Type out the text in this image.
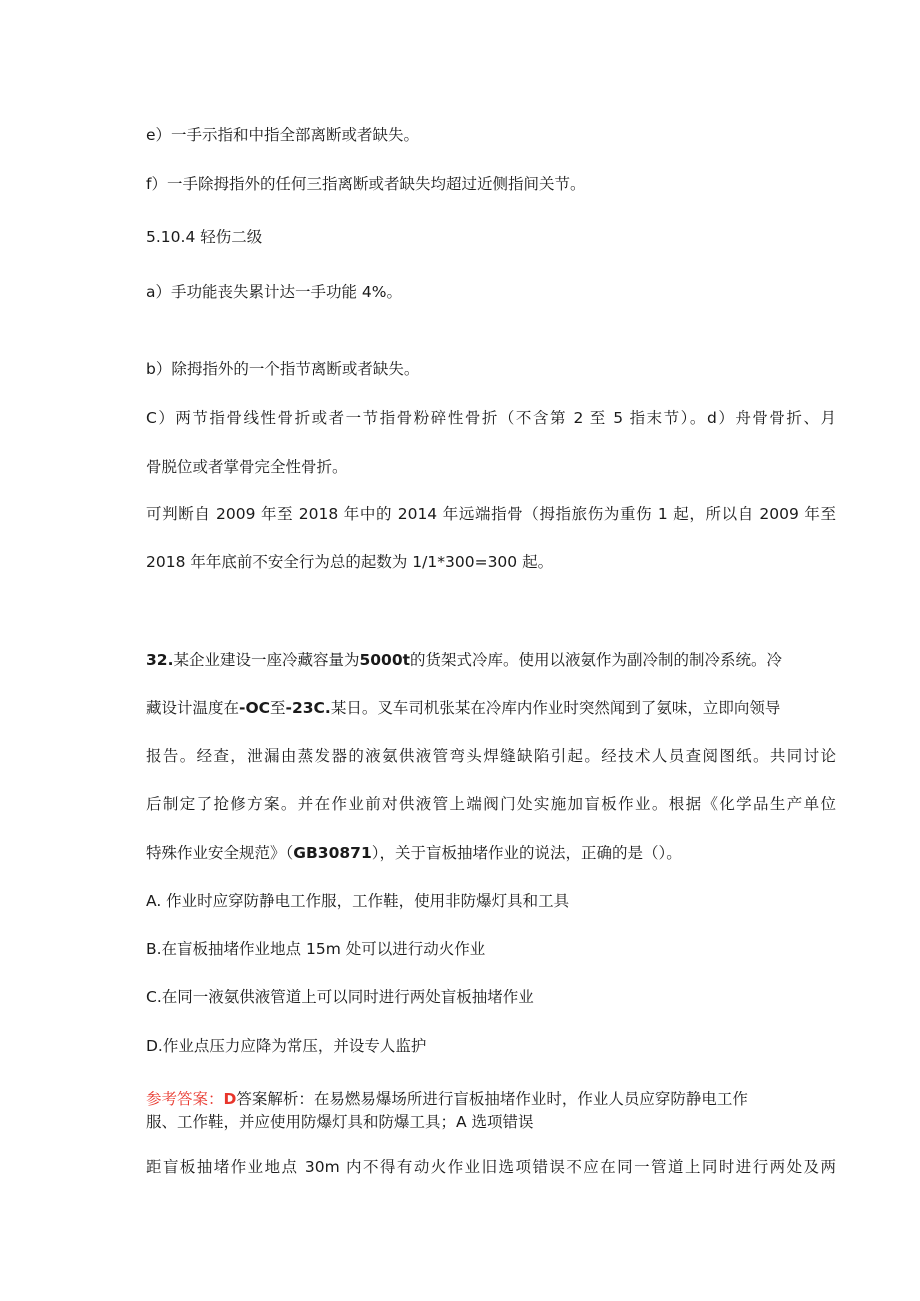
e）一手示指和中指全部离断或者缺失。
f）一手除拇指外的任何三指离断或者缺失均超过近侧指间关节。
5.10.4 轻伤二级
a）手功能丧失累计达一手功能 4%。
b）除拇指外的一个指节离断或者缺失。
C）两节指骨线性骨折或者一节指骨粉碎性骨折（不含第 2 至 5 指末节）。d）舟骨骨折、月
骨脱位或者掌骨完全性骨折。
可判断自 2009 年至 2018 年中的 2014 年远端指骨（拇指旅伤为重伤 1 起，所以自 2009 年至
2018 年年底前不安全行为总的起数为 1/1*300=300 起。
32.某企业建设一座冷藏容量为5000t的货架式冷库。使用以液氨作为副冷制的制冷系统。冷
藏设计温度在-OC至-23C.某日。叉车司机张某在冷库内作业时突然闻到了氨味，立即向领导
报告。经查，泄漏由蒸发器的液氨供液管弯头焊缝缺陷引起。经技术人员查阅图纸。共同讨论
后制定了抢修方案。并在作业前对供液管上端阀门处实施加盲板作业。根据《化学品生产单位
特殊作业安全规范》（GB30871），关于盲板抽堵作业的说法，正确的是（）。
A. 作业时应穿防静电工作服，工作鞋，使用非防爆灯具和工具
B.在盲板抽堵作业地点 15m 处可以进行动火作业
C.在同一液氨供液管道上可以同时进行两处盲板抽堵作业
D.作业点压力应降为常压，并设专人监护
参考答案：D答案解析：在易燃易爆场所进行盲板抽堵作业时，作业人员应穿防静电工作
服、工作鞋，并应使用防爆灯具和防爆工具；A 选项错误
距盲板抽堵作业地点 30m 内不得有动火作业旧选项错误不应在同一管道上同时进行两处及两
